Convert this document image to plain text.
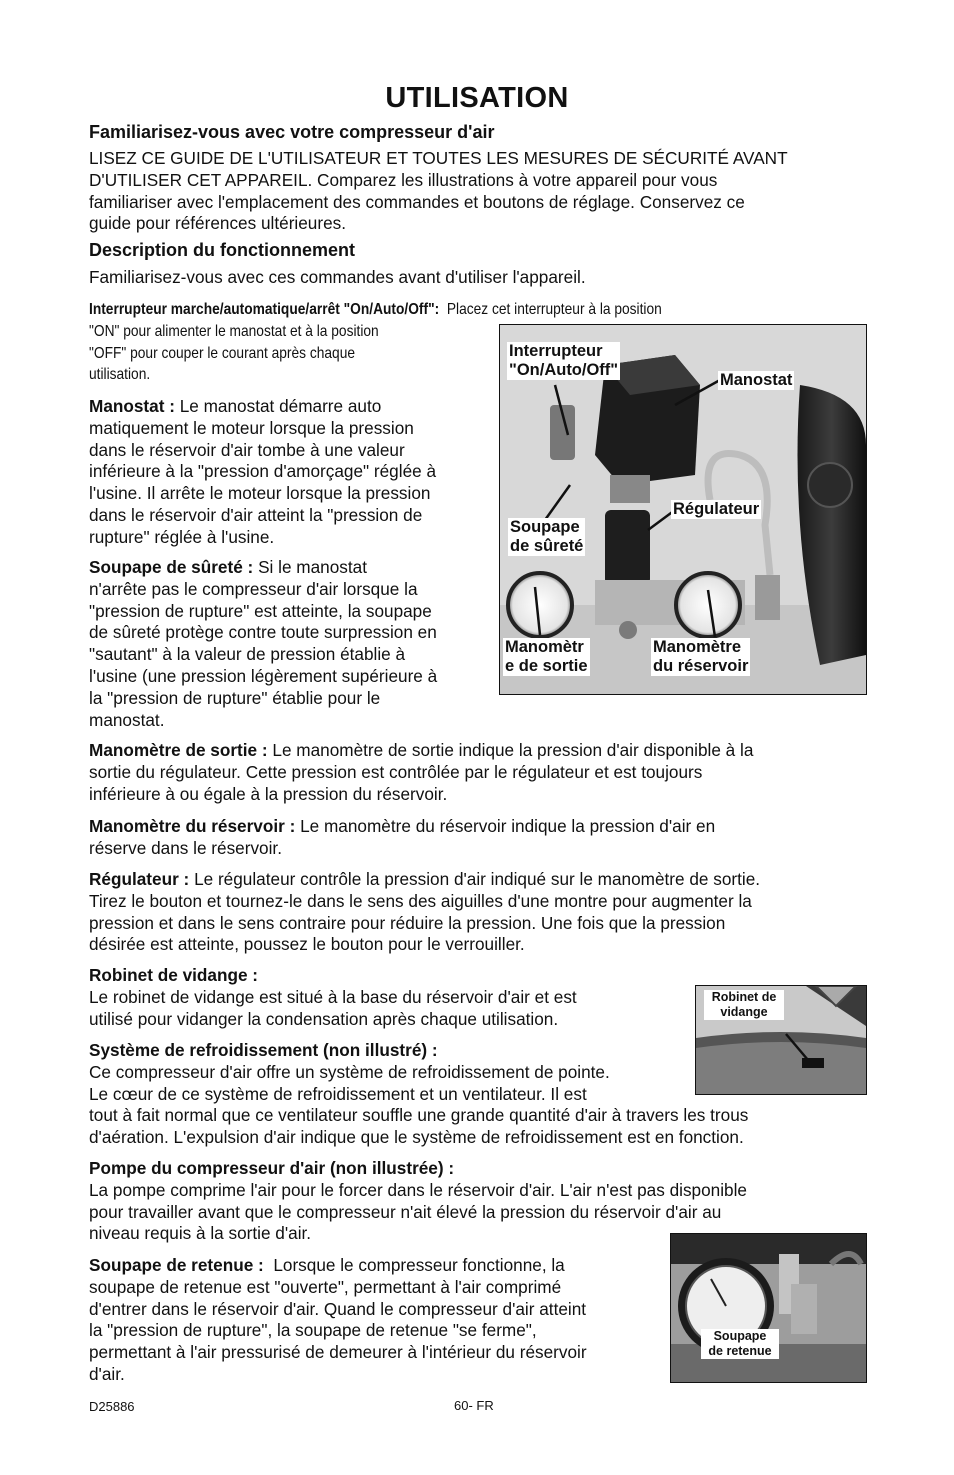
UTILISATION
Familiarisez-vous avec votre compresseur d'air

LISEZ CE GUIDE DE L'UTILISATEUR ET TOUTES LES MESURES DE SÉCURITÉ AVANT

D'UTILISER CET APPAREIL. Comparez les illustrations à votre appareil pour vous

familiariser avec l'emplacement des commandes et boutons de réglage. Conservez ce

guide pour références ultérieures.

Description du fonctionnement

Familiarisez-vous avec ces commandes avant d'utiliser l'appareil.

Interrupteur marche/automatique/arrêt "On/Auto/Off": Placez cet interrupteur à la position
"ON" pour alimenter le manostat et à la position
"OFF" pour couper le courant après chaque
utilisation.

Manostat : Le manostat démarre auto

matiquement le moteur lorsque la pression

dans le réservoir d'air tombe à une valeur

inférieure à la "pression d'amorçage" réglée à

l'usine. Il arrête le moteur lorsque la pression

dans le réservoir d'air atteint la "pression de

rupture" réglée à l'usine.

Soupape de sûreté : Si le manostat

n'arrête pas le compresseur d'air lorsque la

"pression de rupture" est atteinte, la soupape

de sûreté protège contre toute surpression en

"sautant" à la valeur de pression établie à

l'usine (une pression légèrement supérieure à

la "pression de rupture" établie pour le

manostat.

Interrupteur
"On/Auto/Off"
Manostat
Régulateur
Soupape
de sûreté
Manomètr
e de sortie
Manomètre
du réservoir

Manomètre de sortie : Le manomètre de sortie indique la pression d'air disponible à la

sortie du régulateur. Cette pression est contrôlée par le régulateur et est toujours

inférieure à ou égale à la pression du réservoir.

Manomètre du réservoir : Le manomètre du réservoir indique la pression d'air en

réserve dans le réservoir.

Régulateur : Le régulateur contrôle la pression d'air indiqué sur le manomètre de sortie.

Tirez le bouton et tournez-le dans le sens des aiguilles d'une montre pour augmenter la

pression et dans le sens contraire pour réduire la pression. Une fois que la pression

désirée est atteinte, poussez le bouton pour le verrouiller.

Robinet de vidange :

Le robinet de vidange est situé à la base du réservoir d'air et est

utilisé pour vidanger la condensation après chaque utilisation.

Robinet de
vidange

Système de refroidissement (non illustré) :

Ce compresseur d'air offre un système de refroidissement de pointe.

Le cœur de ce système de refroidissement et un ventilateur. Il est

tout à fait normal que ce ventilateur souffle une grande quantité d'air à travers les trous

d'aération. L'expulsion d'air indique que le système de refroidissement est en fonction.

Pompe du compresseur d'air (non illustrée) :

La pompe comprime l'air pour le forcer dans le réservoir d'air. L'air n'est pas disponible

pour travailler avant que le compresseur n'ait élevé la pression du réservoir d'air au

niveau requis à la sortie d'air.

Soupape de retenue : Lorsque le compresseur fonctionne, la

soupape de retenue est "ouverte", permettant à l'air comprimé

d'entrer dans le réservoir d'air. Quand le compresseur d'air atteint

la "pression de rupture", la soupape de retenue "se ferme",

permettant à l'air pressurisé de demeurer à l'intérieur du réservoir

d'air.

Soupape
de retenue
D25886	60- FR
